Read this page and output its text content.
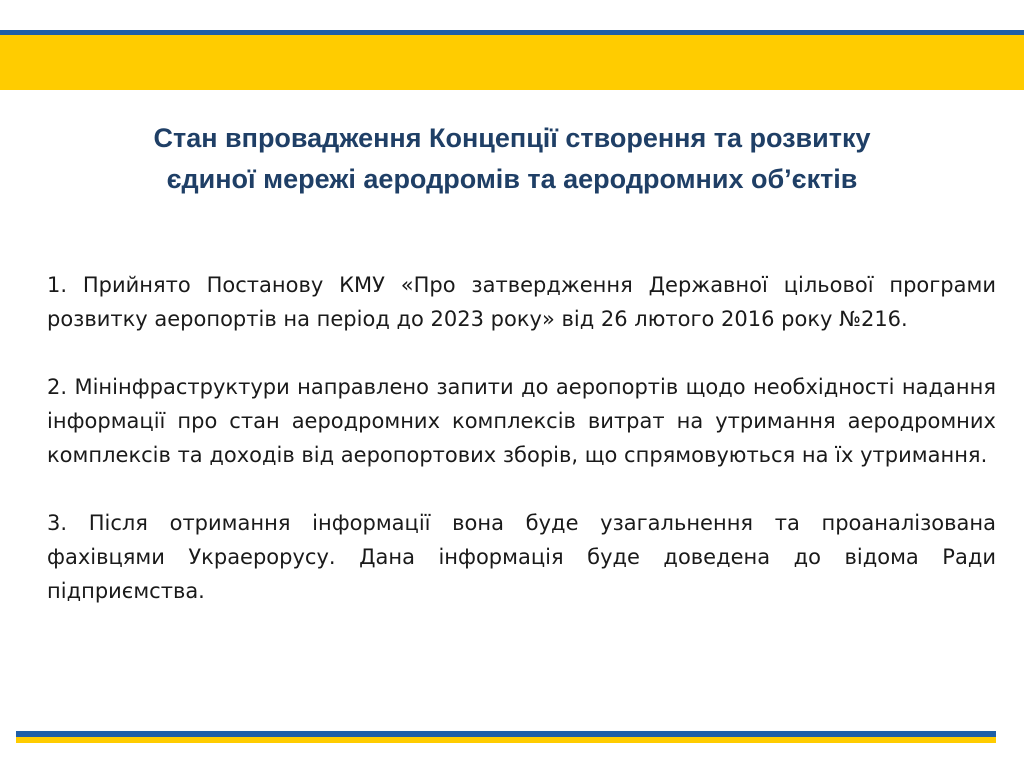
Стан впровадження Концепції створення та розвитку
єдиної мережі аеродромів та аеродромних об’єктів

1. Прийнято Постанову КМУ «Про затвердження Державної цільової програми розвитку аеропортів на період до 2023 року» від 26 лютого 2016 року №216.

2. Мінінфраструктури направлено запити до аеропортів щодо необхідності надання інформації про стан аеродромних комплексів витрат на утримання аеродромних комплексів та доходів від аеропортових зборів, що спрямовуються на їх утримання.

3. Після отримання інформації вона буде узагальнення та проаналізована фахівцями Украерорусу. Дана інформація буде доведена до відома Ради підприємства.
